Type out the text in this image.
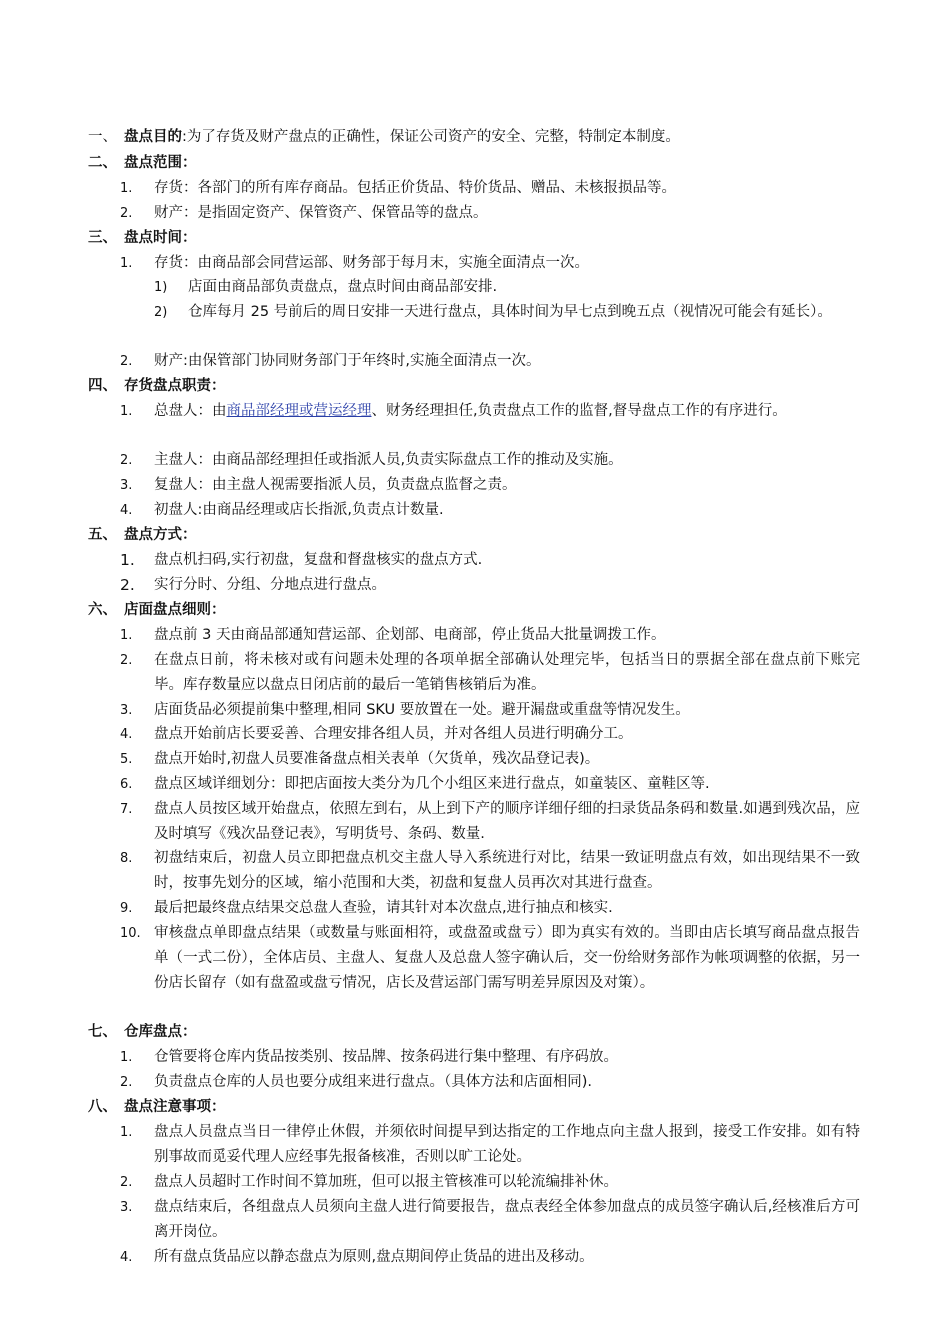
一、 盘点目的:为了存货及财产盘点的正确性，保证公司资产的安全、完整，特制定本制度。
二、 盘点范围：
1. 存货：各部门的所有库存商品。包括正价货品、特价货品、赠品、未核报损品等。
2. 财产：是指固定资产、保管资产、保管品等的盘点。
三、 盘点时间：
1. 存货：由商品部会同营运部、财务部于每月末，实施全面清点一次。
1) 店面由商品部负责盘点，盘点时间由商品部安排.
2) 仓库每月 25 号前后的周日安排一天进行盘点，具体时间为早七点到晚五点（视情况可能会有延长）。
2. 财产:由保管部门协同财务部门于年终时,实施全面清点一次。
四、 存货盘点职责：
1. 总盘人：由商品部经理或营运经理、财务经理担任,负责盘点工作的监督,督导盘点工作的有序进行。
2. 主盘人：由商品部经理担任或指派人员,负责实际盘点工作的推动及实施。
3. 复盘人：由主盘人视需要指派人员，负责盘点监督之责。
4. 初盘人:由商品经理或店长指派,负责点计数量.
五、 盘点方式：
1. 盘点机扫码,实行初盘，复盘和督盘核实的盘点方式.
2. 实行分时、分组、分地点进行盘点。
六、 店面盘点细则：
1. 盘点前 3 天由商品部通知营运部、企划部、电商部，停止货品大批量调拨工作。
2. 在盘点日前，将未核对或有问题未处理的各项单据全部确认处理完毕，包括当日的票据全部在盘点前下账完毕。库存数量应以盘点日闭店前的最后一笔销售核销后为准。
3. 店面货品必须提前集中整理,相同 SKU 要放置在一处。避开漏盘或重盘等情况发生。
4. 盘点开始前店长要妥善、合理安排各组人员，并对各组人员进行明确分工。
5. 盘点开始时,初盘人员要准备盘点相关表单（欠货单，残次品登记表)。
6. 盘点区域详细划分：即把店面按大类分为几个小组区来进行盘点，如童装区、童鞋区等.
7. 盘点人员按区域开始盘点，依照左到右，从上到下产的顺序详细仔细的扫录货品条码和数量.如遇到残次品，应及时填写《残次品登记表》，写明货号、条码、数量.
8. 初盘结束后，初盘人员立即把盘点机交主盘人导入系统进行对比，结果一致证明盘点有效，如出现结果不一致时，按事先划分的区域，缩小范围和大类，初盘和复盘人员再次对其进行盘查。
9. 最后把最终盘点结果交总盘人查验，请其针对本次盘点,进行抽点和核实.
10. 审核盘点单即盘点结果（或数量与账面相符，或盘盈或盘亏）即为真实有效的。当即由店长填写商品盘点报告单（一式二份），全体店员、主盘人、复盘人及总盘人签字确认后，交一份给财务部作为帐项调整的依据，另一份店长留存（如有盘盈或盘亏情况，店长及营运部门需写明差异原因及对策）。
七、 仓库盘点：
1. 仓管要将仓库内货品按类别、按品牌、按条码进行集中整理、有序码放。
2. 负责盘点仓库的人员也要分成组来进行盘点。（具体方法和店面相同).
八、 盘点注意事项：
1. 盘点人员盘点当日一律停止休假，并须依时间提早到达指定的工作地点向主盘人报到，接受工作安排。如有特别事故而觅妥代理人应经事先报备核准，否则以旷工论处。
2. 盘点人员超时工作时间不算加班，但可以报主管核准可以轮流编排补休。
3. 盘点结束后，各组盘点人员须向主盘人进行简要报告，盘点表经全体参加盘点的成员签字确认后,经核准后方可离开岗位。
4. 所有盘点货品应以静态盘点为原则,盘点期间停止货品的进出及移动。
